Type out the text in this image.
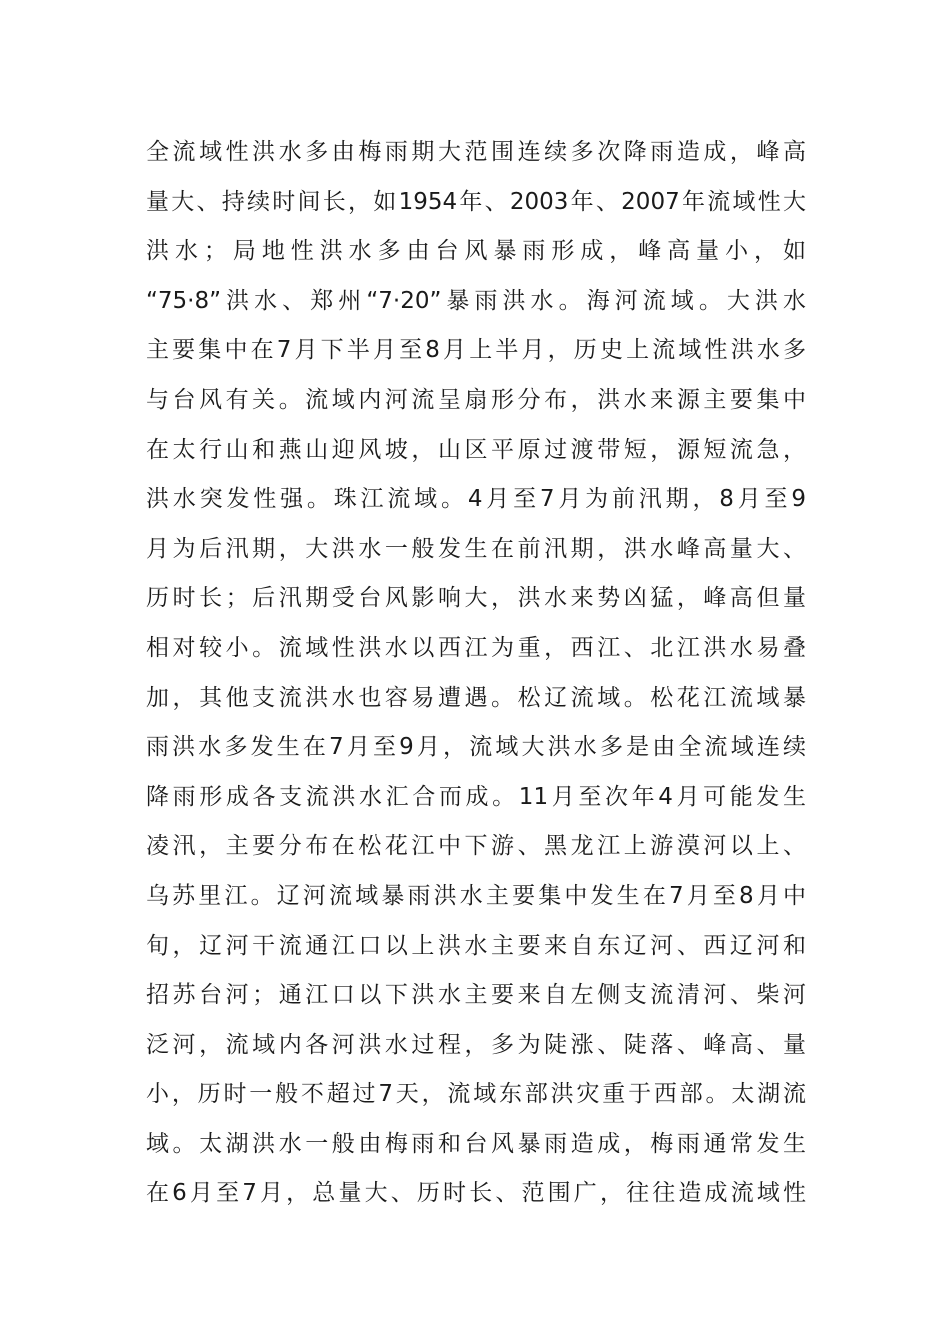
全流域性洪水多由梅雨期大范围连续多次降雨造成，峰高
量大、持续时间长，如1954年、2003年、2007年流域性大
洪水；局地性洪水多由台风暴雨形成，峰高量小，如
“75·8”洪水、郑州“7·20”暴雨洪水。海河流域。大洪水
主要集中在7月下半月至8月上半月，历史上流域性洪水多
与台风有关。流域内河流呈扇形分布，洪水来源主要集中
在太行山和燕山迎风坡，山区平原过渡带短，源短流急，
洪水突发性强。珠江流域。4月至7月为前汛期，8月至9
月为后汛期，大洪水一般发生在前汛期，洪水峰高量大、
历时长；后汛期受台风影响大，洪水来势凶猛，峰高但量
相对较小。流域性洪水以西江为重，西江、北江洪水易叠
加，其他支流洪水也容易遭遇。松辽流域。松花江流域暴
雨洪水多发生在7月至9月，流域大洪水多是由全流域连续
降雨形成各支流洪水汇合而成。11月至次年4月可能发生
凌汛，主要分布在松花江中下游、黑龙江上游漠河以上、
乌苏里江。辽河流域暴雨洪水主要集中发生在7月至8月中
旬，辽河干流通江口以上洪水主要来自东辽河、西辽河和
招苏台河；通江口以下洪水主要来自左侧支流清河、柴河
泛河，流域内各河洪水过程，多为陡涨、陡落、峰高、量
小，历时一般不超过7天，流域东部洪灾重于西部。太湖流
域。太湖洪水一般由梅雨和台风暴雨造成，梅雨通常发生
在6月至7月，总量大、历时长、范围广，往往造成流域性
